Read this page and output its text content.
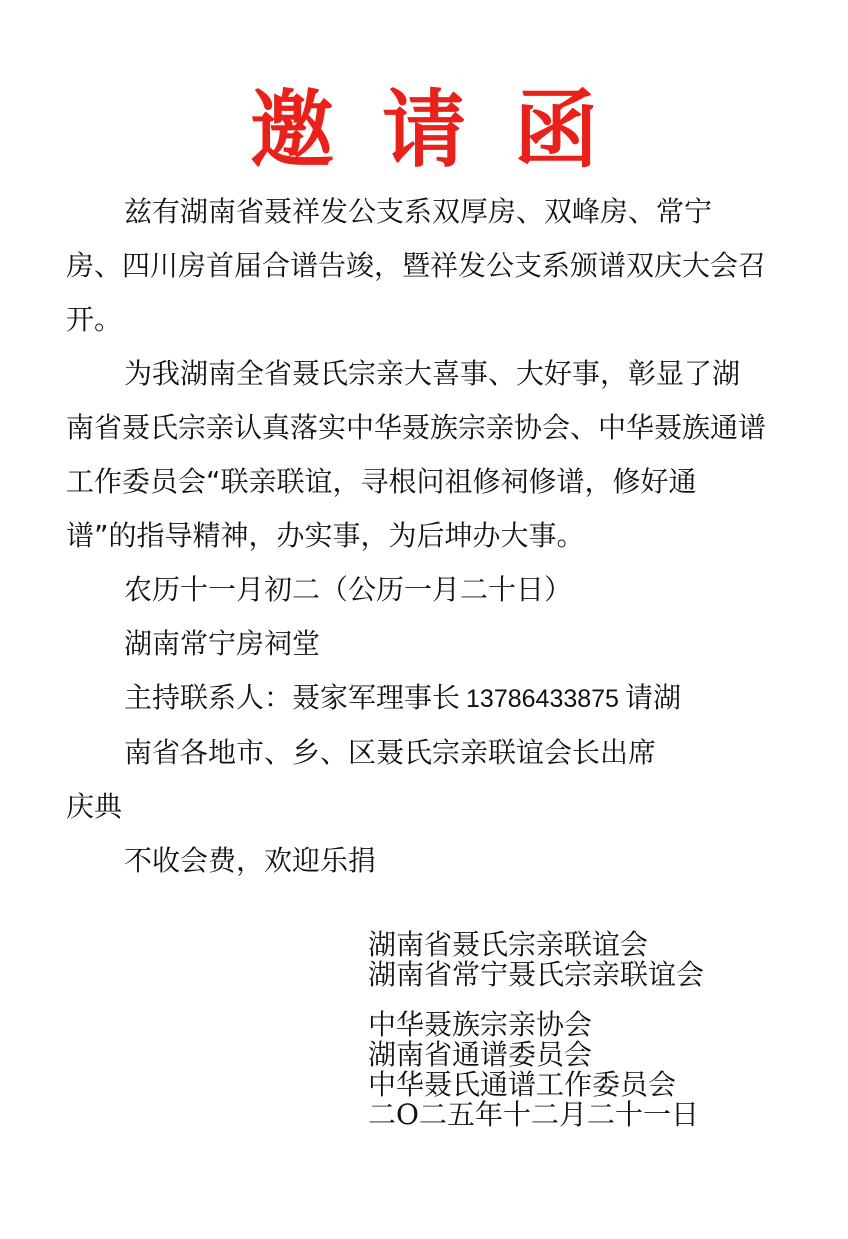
邀 请 函

兹有湖南省聂祥发公支系双厚房、双峰房、常宁房、四川房首届合谱告竣，暨祥发公支系颁谱双庆大会召开。

为我湖南全省聂氏宗亲大喜事、大好事，彰显了湖南省聂氏宗亲认真落实中华聂族宗亲协会、中华聂族通谱工作委员会“联亲联谊，寻根问祖修祠修谱，修好通谱”的指导精神，办实事，为后坤办大事。

农历十一月初二（公历一月二十日）

湖南常宁房祠堂

主持联系人：聂家军理事长 13786433875 请湖

南省各地市、乡、区聂氏宗亲联谊会长出席

庆典

不收会费，欢迎乐捐

湖南省聂氏宗亲联谊会

湖南省常宁聂氏宗亲联谊会

中华聂族宗亲协会

湖南省通谱委员会

中华聂氏通谱工作委员会

二O二五年十二月二十一日
